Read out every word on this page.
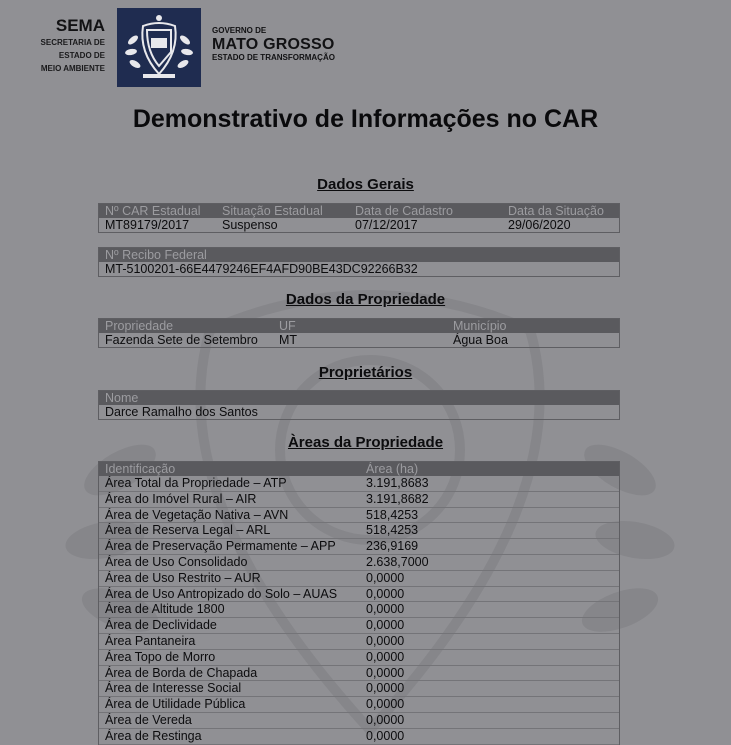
SEMA
SECRETARIA DE
ESTADO DE
MEIO AMBIENTE
GOVERNO DE
MATO GROSSO
ESTADO DE TRANSFORMAÇÃO
Demonstrativo de Informações no CAR
Dados Gerais
Nº CAR Estadual	Situação Estadual	Data de Cadastro	Data da Situação
MT89179/2017	Suspenso	07/12/2017	29/06/2020
Nº Recibo Federal
MT-5100201-66E4479246EF4AFD90BE43DC92266B32
Dados da Propriedade
Propriedade	UF	Município
Fazenda Sete de Setembro	MT	Água Boa
Proprietários
Nome
Darce Ramalho dos Santos
Àreas da Propriedade
Identificação	Área (ha)
Área Total da Propriedade – ATP	3.191,8683
Área do Imóvel Rural – AIR	3.191,8682
Área de Vegetação Nativa – AVN	518,4253
Área de Reserva Legal – ARL	518,4253
Área de Preservação Permamente – APP	236,9169
Área de Uso Consolidado	2.638,7000
Área de Uso Restrito – AUR	0,0000
Área de Uso Antropizado do Solo – AUAS	0,0000
Área de Altitude 1800	0,0000
Área de Declividade	0,0000
Área Pantaneira	0,0000
Área Topo de Morro	0,0000
Área de Borda de Chapada	0,0000
Área de Interesse Social	0,0000
Área de Utilidade Pública	0,0000
Área de Vereda	0,0000
Área de Restinga	0,0000
